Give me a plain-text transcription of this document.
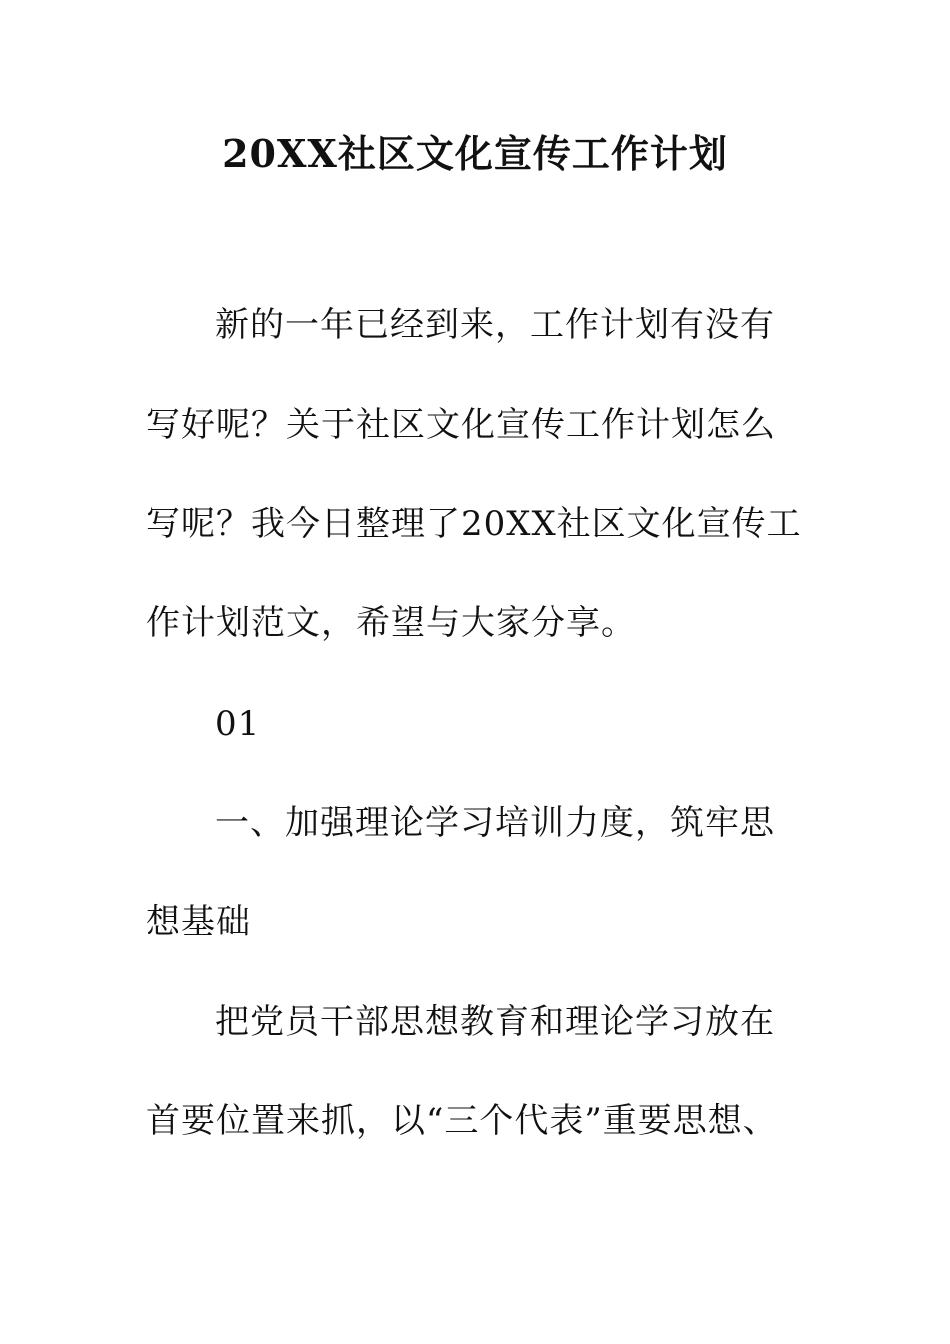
20XX社区文化宣传工作计划
新的一年已经到来，工作计划有没有
写好呢？关于社区文化宣传工作计划怎么
写呢？我今日整理了20XX社区文化宣传工
作计划范文，希望与大家分享。
01
一、加强理论学习培训力度，筑牢思
想基础
把党员干部思想教育和理论学习放在
首要位置来抓，以“三个代表”重要思想、
